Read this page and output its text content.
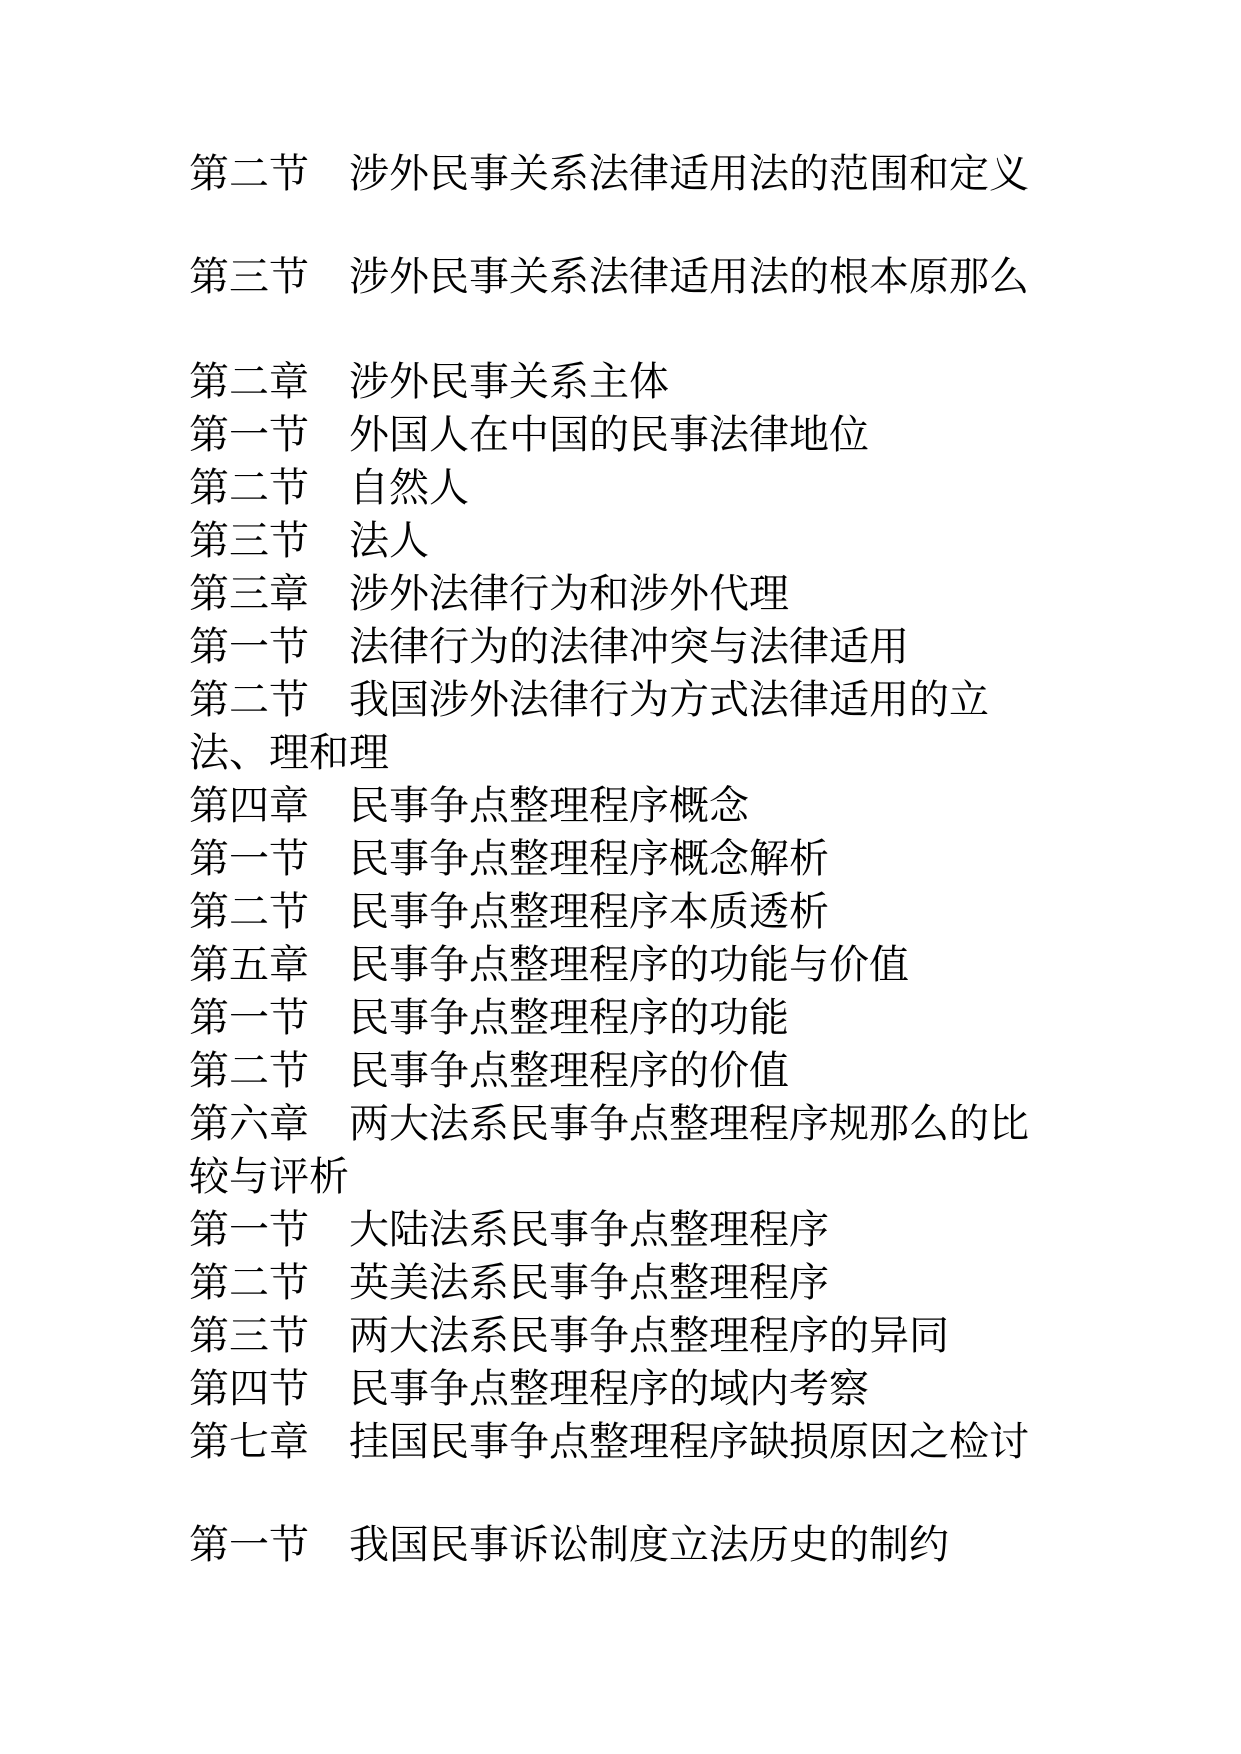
第二节　涉外民事关系法律适用法的范围和定义

第三节　涉外民事关系法律适用法的根本原那么

第二章　涉外民事关系主体

第一节　外国人在中国的民事法律地位

第二节　自然人

第三节　法人

第三章　涉外法律行为和涉外代理

第一节　法律行为的法律冲突与法律适用

第二节　我国涉外法律行为方式法律适用的立

法、理和理

第四章　民事争点整理程序概念

第一节　民事争点整理程序概念解析

第二节　民事争点整理程序本质透析

第五章　民事争点整理程序的功能与价值

第一节　民事争点整理程序的功能

第二节　民事争点整理程序的价值

第六章　两大法系民事争点整理程序规那么的比

较与评析

第一节　大陆法系民事争点整理程序

第二节　英美法系民事争点整理程序

第三节　两大法系民事争点整理程序的异同

第四节　民事争点整理程序的域内考察

第七章　挂国民事争点整理程序缺损原因之检讨

第一节　我国民事诉讼制度立法历史的制约
